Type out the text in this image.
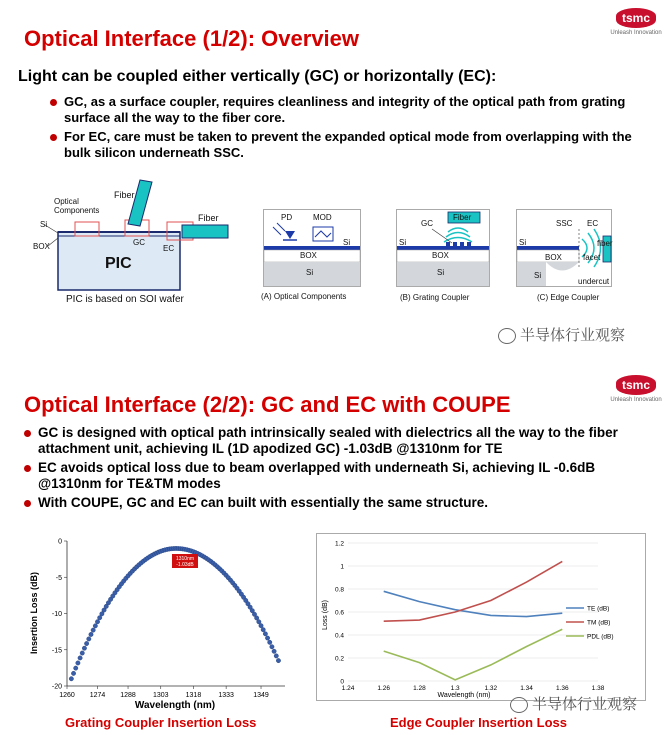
Optical Interface (1/2): Overview
tsmc
Unleash Innovation
Light can be coupled either vertically (GC) or horizontally (EC):
GC, as a surface coupler, requires cleanliness and integrity of the optical path from grating surface all the way to the fiber core.
For EC, care must be taken to prevent the expanded optical mode from overlapping with the bulk silicon underneath SSC.
Fiber
Optical
Components
Si
BOX	GC
EC
Fiber
PIC
PIC is based on SOI wafer
PD	MOD
Si
BOX
Si
(A) Optical Components
GC
Fiber
Si
BOX
Si
(B) Grating Coupler
SSC EC
fiber
facet
Si
BOX
Si
undercut
(C) Edge Coupler
半导体行业观察
Optical Interface (2/2): GC and EC with COUPE
tsmc
Unleash Innovation
GC is designed with optical path intrinsically sealed with dielectrics all the way to the fiber attachment unit, achieving IL (1D apodized GC) -1.03dB @1310nm for TE
EC avoids optical loss due to beam overlapped with underneath Si, achieving IL -0.6dB @1310nm for TE&TM modes
With COUPE, GC and EC can built with essentially the same structure.
0
-5
-10
-15
-20
1260 1274 1288 1303 1318 1333	1349
1310nm
-1.03dB
Wavelength (nm)
Insertion Loss (dB)
Grating Coupler Insertion Loss
0
0.2
0.4
0.6
0.8
1
1.2
1.24	1.26	1.28	1.3	1.32	1.34	1.36	1.38
TE (dB)
TM (dB)
PDL (dB)
Wavelength (nm)
Loss (dB)
Edge Coupler Insertion Loss
半导体行业观察
